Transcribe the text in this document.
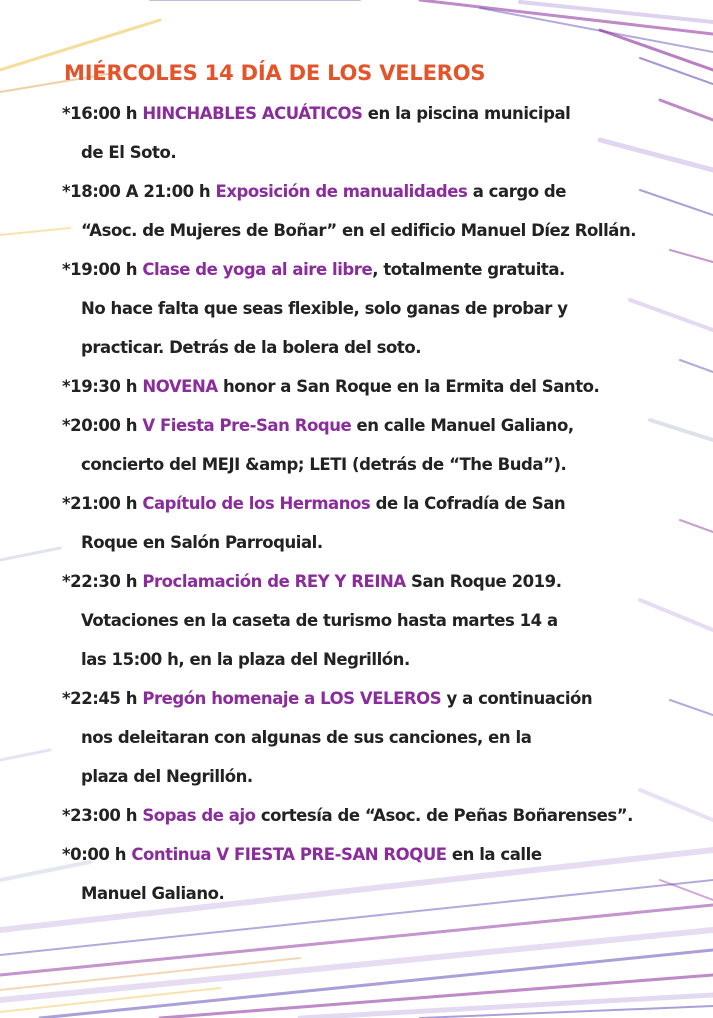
MIÉRCOLES 14 DÍA DE LOS VELEROS
*16:00 h HINCHABLES ACUÁTICOS en la piscina municipal
de El Soto.
*18:00 A 21:00 h Exposición de manualidades a cargo de
“Asoc. de Mujeres de Boñar” en el edificio Manuel Díez Rollán.
*19:00 h Clase de yoga al aire libre, totalmente gratuita.
No hace falta que seas flexible, solo ganas de probar y
practicar. Detrás de la bolera del soto.
*19:30 h NOVENA honor a San Roque en la Ermita del Santo.
*20:00 h V Fiesta Pre-San Roque en calle Manuel Galiano,
concierto del MEJI &amp; LETI (detrás de “The Buda”).
*21:00 h Capítulo de los Hermanos de la Cofradía de San
Roque en Salón Parroquial.
*22:30 h Proclamación de REY Y REINA San Roque 2019.
Votaciones en la caseta de turismo hasta martes 14 a
las 15:00 h, en la plaza del Negrillón.
*22:45 h Pregón homenaje a LOS VELEROS y a continuación
nos deleitaran con algunas de sus canciones, en la
plaza del Negrillón.
*23:00 h Sopas de ajo cortesía de “Asoc. de Peñas Boñarenses”.
*0:00 h Continua V FIESTA PRE-SAN ROQUE en la calle
Manuel Galiano.
